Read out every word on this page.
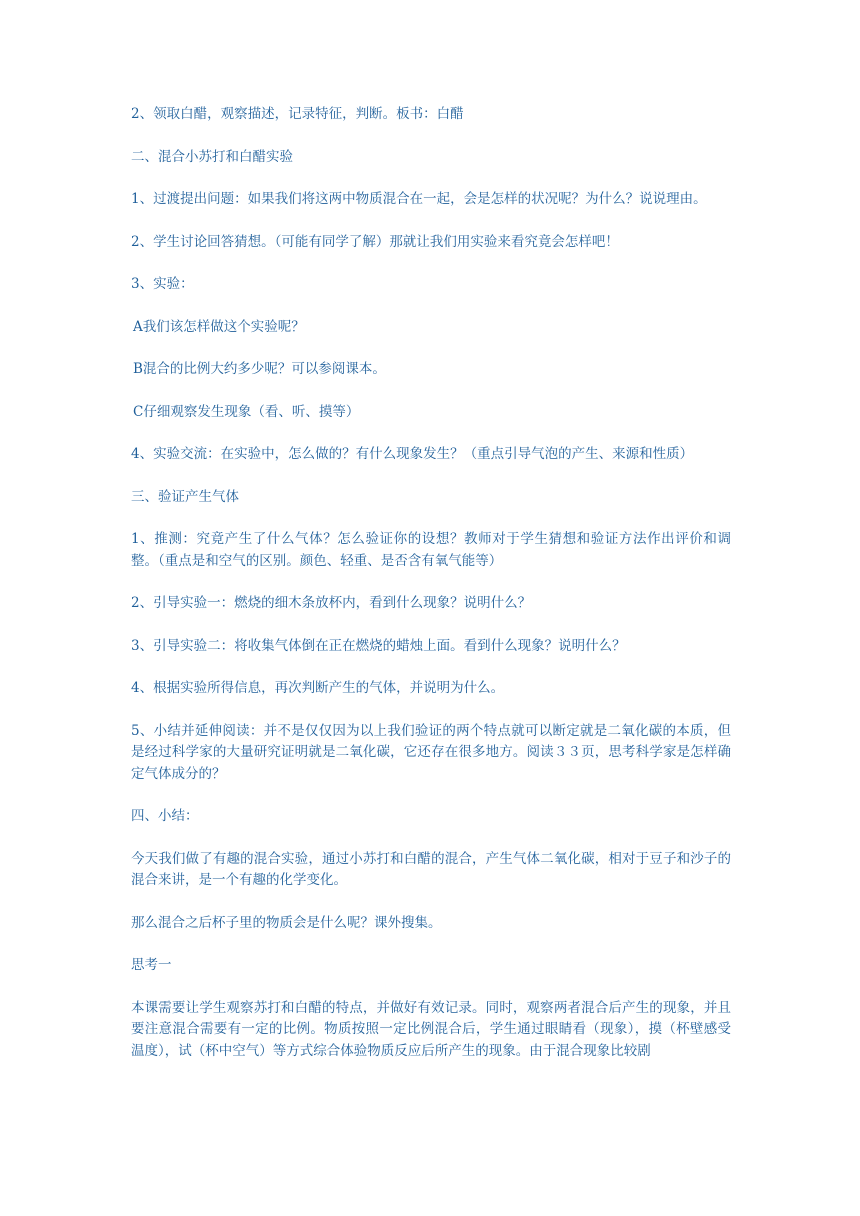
2、领取白醋，观察描述，记录特征，判断。板书：白醋

二、混合小苏打和白醋实验

1、过渡提出问题：如果我们将这两中物质混合在一起，会是怎样的状况呢？为什么？说说理由。

2、学生讨论回答猜想。（可能有同学了解）那就让我们用实验来看究竟会怎样吧！

3、实验：

A我们该怎样做这个实验呢？

B混合的比例大约多少呢？可以参阅课本。

C仔细观察发生现象（看、听、摸等）

4、实验交流：在实验中，怎么做的？有什么现象发生？（重点引导气泡的产生、来源和性质）

三、验证产生气体

1、推测：究竟产生了什么气体？怎么验证你的设想？教师对于学生猜想和验证方法作出评价和调整。（重点是和空气的区别。颜色、轻重、是否含有氧气能等）

2、引导实验一：燃烧的细木条放杯内，看到什么现象？说明什么？

3、引导实验二：将收集气体倒在正在燃烧的蜡烛上面。看到什么现象？说明什么？

4、根据实验所得信息，再次判断产生的气体，并说明为什么。

5、小结并延伸阅读：并不是仅仅因为以上我们验证的两个特点就可以断定就是二氧化碳的本质，但是经过科学家的大量研究证明就是二氧化碳，它还存在很多地方。阅读３３页，思考科学家是怎样确定气体成分的？

四、小结：

今天我们做了有趣的混合实验，通过小苏打和白醋的混合，产生气体二氧化碳，相对于豆子和沙子的混合来讲，是一个有趣的化学变化。

那么混合之后杯子里的物质会是什么呢？课外搜集。

思考一

本课需要让学生观察苏打和白醋的特点，并做好有效记录。同时，观察两者混合后产生的现象，并且要注意混合需要有一定的比例。物质按照一定比例混合后，学生通过眼睛看（现象），摸（杯壁感受温度），试（杯中空气）等方式综合体验物质反应后所产生的现象。由于混合现象比较剧
